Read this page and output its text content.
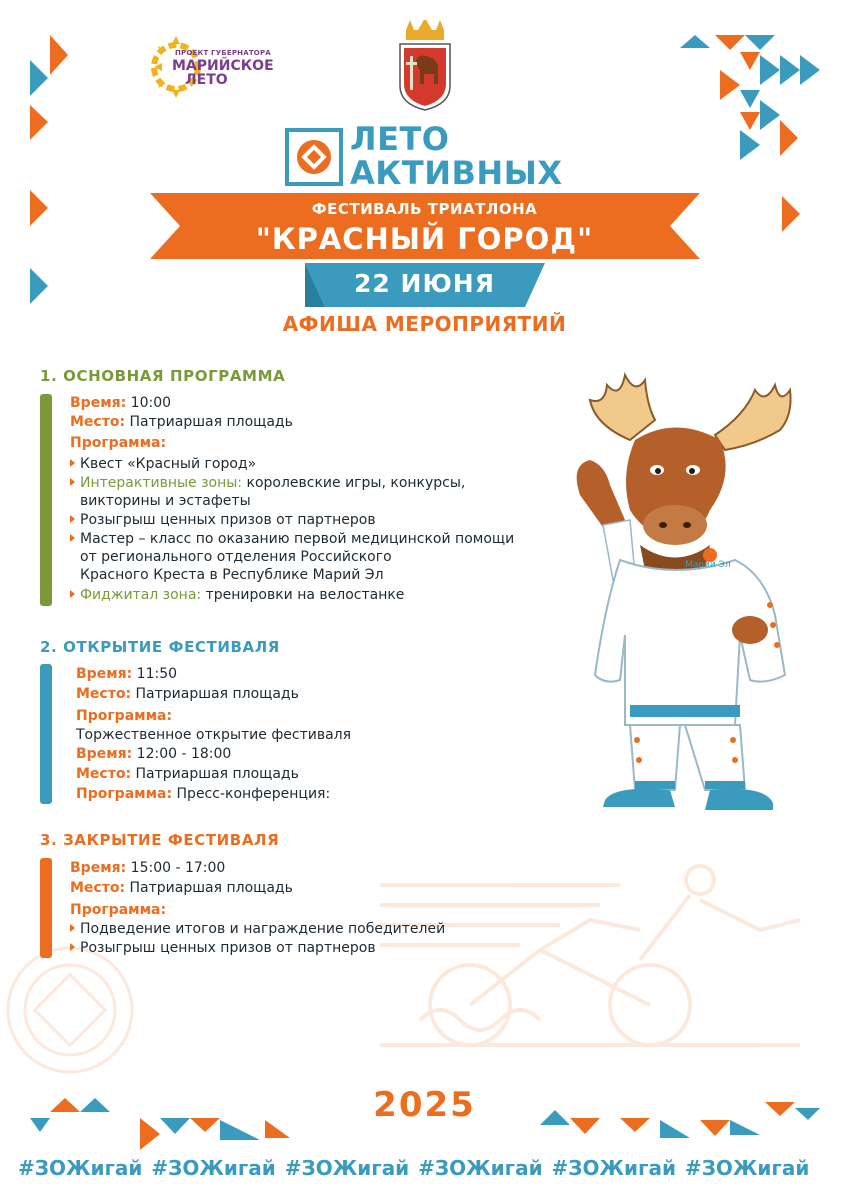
ПРОЕКТ ГУБЕРНАТОРА
МАРИЙСКОЕ
ЛЕТО
ЛЕТО
АКТИВНЫХ
ФЕСТИВАЛЬ ТРИАТЛОНА
"КРАСНЫЙ ГОРОД"
22 ИЮНЯ
АФИША МЕРОПРИЯТИЙ
1. ОСНОВНАЯ ПРОГРАММА
Время: 10:00
Место: Патриаршая площадь
Программа:
Квест «Красный город»
Интерактивные зоны: королевские игры, конкурсы,
викторины и эстафеты
Розыгрыш ценных призов от партнеров
Мастер – класс по оказанию первой медицинской помощи
от регионального отделения Российского
Красного Креста в Республике Марий Эл
Фиджитал зона: тренировки на велостанке
2. ОТКРЫТИЕ ФЕСТИВАЛЯ
Время: 11:50
Место: Патриаршая площадь
Программа:
Торжественное открытие фестиваля
Время: 12:00 - 18:00
Место: Патриаршая площадь
Программа: Пресс-конференция:
3. ЗАКРЫТИЕ ФЕСТИВАЛЯ
Время: 15:00 - 17:00
Место: Патриаршая площадь
Программа:
Подведение итогов и награждение победителей
Розыгрыш ценных призов от партнеров
Марий Эл
2025
#ЗОЖигай #ЗОЖигай #ЗОЖигай #ЗОЖигай #ЗОЖигай #ЗОЖигай
